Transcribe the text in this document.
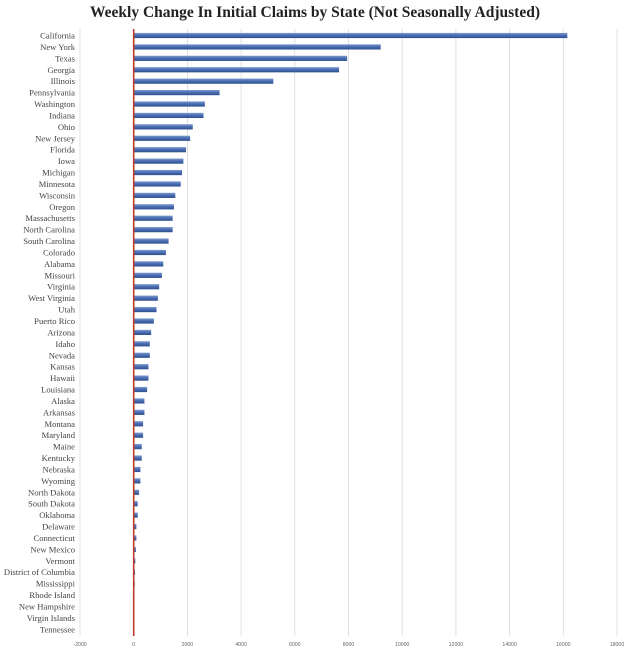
Weekly Change In Initial Claims by State (Not Seasonally Adjusted)
California
New York
Texas
Georgia
Illinois
Pennsylvania
Washington
Indiana
Ohio
New Jersey
Florida
Iowa
Michigan
Minnesota
Wisconsin
Oregon
Massachusetts
North Carolina
South Carolina
Colorado
Alabama
Missouri
Virginia
West Virginia
Utah
Puerto Rico
Arizona
Idaho
Nevada
Kansas
Hawaii
Louisiana
Alaska
Arkansas
Montana
Maryland
Maine
Kentucky
Nebraska
Wyoming
North Dakota
South Dakota
Oklahoma
Delaware
Connecticut
New Mexico
Vermont
District of Columbia
Mississippi
Rhode Island
New Hampshire
Virgin Islands
Tennessee
-2000	0	2000	4000	6000	8000	10000	12000	14000	16000	18000
